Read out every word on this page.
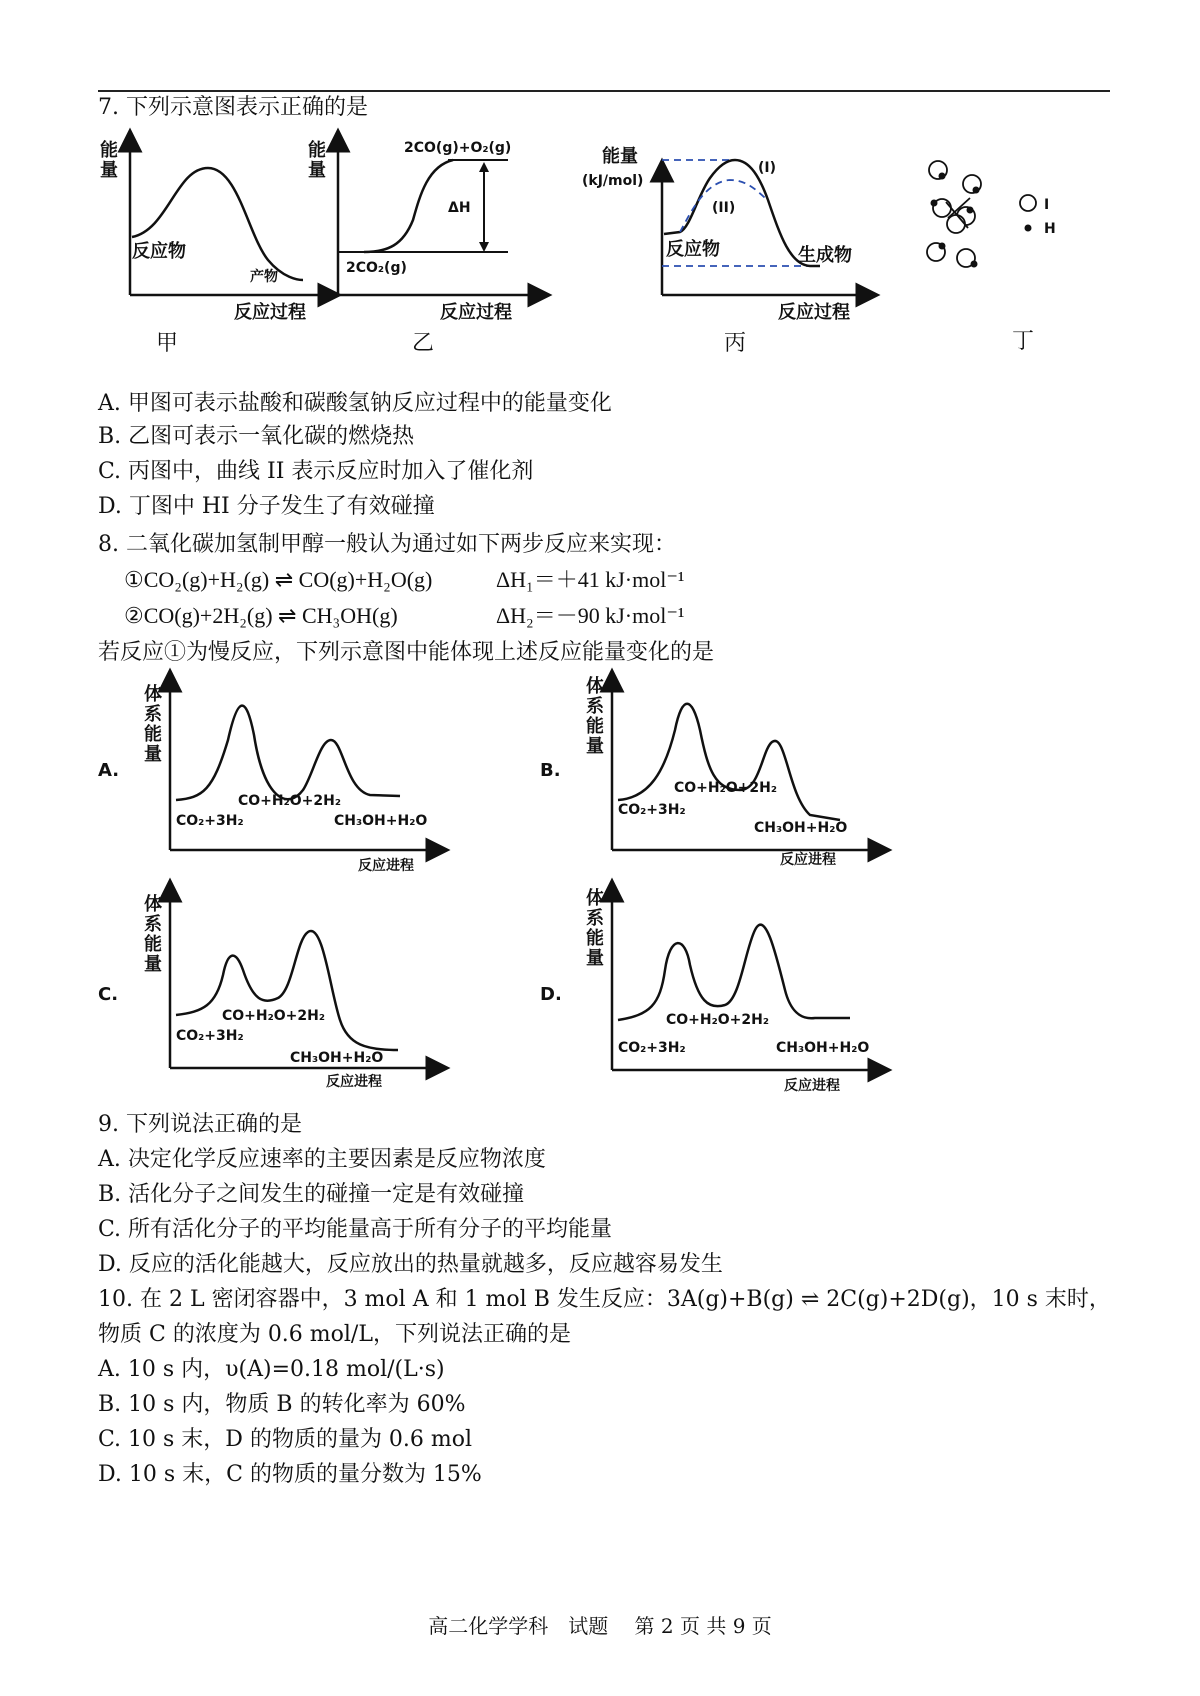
7. 下列示意图表示正确的是
能
量
反应物
产物
反应过程
甲
能
量
2CO(g)+O₂(g)
2CO₂(g)
ΔH
反应过程
乙
能量
(kJ/mol)
(I)
(II)
反应物	生成物
反应过程
丙
I
H
丁
A. 甲图可表示盐酸和碳酸氢钠反应过程中的能量变化
B. 乙图可表示一氧化碳的燃烧热
C. 丙图中，曲线 II 表示反应时加入了催化剂
D. 丁图中 HI 分子发生了有效碰撞
8. 二氧化碳加氢制甲醇一般认为通过如下两步反应来实现：
①CO₂(g)+H₂(g) ⇌ CO(g)+H₂O(g)	ΔH₁＝＋41 kJ·mol⁻¹
②CO(g)+2H₂(g) ⇌ CH₃OH(g)	ΔH₂＝－90 kJ·mol⁻¹
若反应①为慢反应，下列示意图中能体现上述反应能量变化的是
A.
体
系
能
量
CO+H₂O+2H₂
CO₂+3H₂	CH₃OH+H₂O
反应进程
B.
体
系
能
量
CO+H₂O+2H₂
CO₂+3H₂
CH₃OH+H₂O
反应进程
C.
体
系
能
量
CO+H₂O+2H₂
CO₂+3H₂
CH₃OH+H₂O
反应进程
D.
体
系
能
量
CO+H₂O+2H₂
CO₂+3H₂	CH₃OH+H₂O
反应进程
9. 下列说法正确的是
A. 决定化学反应速率的主要因素是反应物浓度
B. 活化分子之间发生的碰撞一定是有效碰撞
C. 所有活化分子的平均能量高于所有分子的平均能量
D. 反应的活化能越大，反应放出的热量就越多，反应越容易发生
10. 在 2 L 密闭容器中，3 mol A 和 1 mol B 发生反应：3A(g)+B(g) ⇌ 2C(g)+2D(g)，10 s 末时，
物质 C 的浓度为 0.6 mol/L，下列说法正确的是
A. 10 s 内，υ(A)=0.18 mol/(L·s)
B. 10 s 内，物质 B 的转化率为 60%
C. 10 s 末，D 的物质的量为 0.6 mol
D. 10 s 末，C 的物质的量分数为 15%
高二化学学科　试题　 第 2 页 共 9 页
